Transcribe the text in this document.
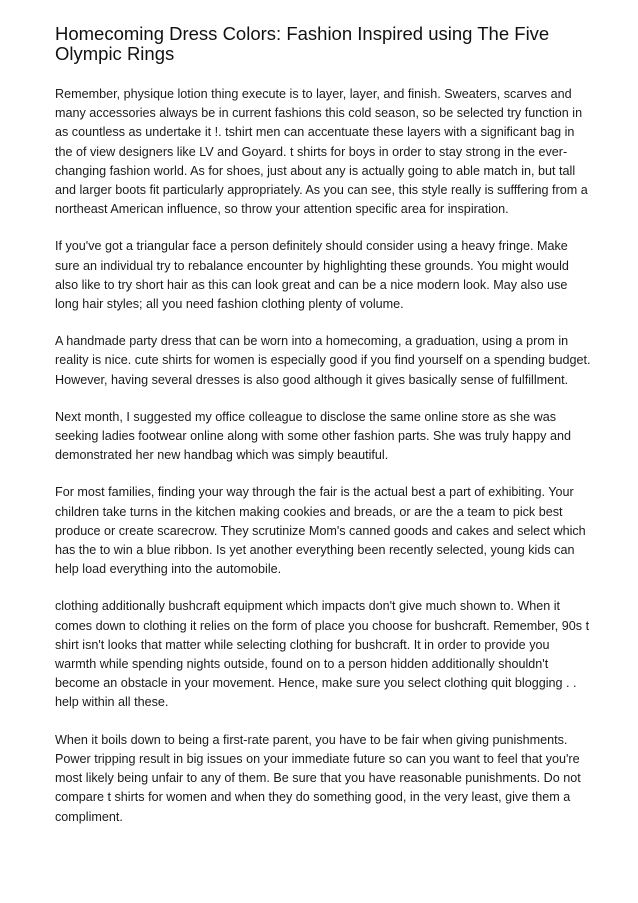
Homecoming Dress Colors: Fashion Inspired using The Five Olympic Rings

Remember, physique lotion thing execute is to layer, layer, and finish. Sweaters, scarves and many accessories always be in current fashions this cold season, so be selected try function in as countless as undertake it !. tshirt men can accentuate these layers with a significant bag in the of view designers like LV and Goyard. t shirts for boys in order to stay strong in the ever-changing fashion world. As for shoes, just about any is actually going to able match in, but tall and larger boots fit particularly appropriately. As you can see, this style really is sufffering from a northeast American influence, so throw your attention specific area for inspiration.

If you've got a triangular face a person definitely should consider using a heavy fringe. Make sure an individual try to rebalance encounter by highlighting these grounds. You might would also like to try short hair as this can look great and can be a nice modern look. May also use long hair styles; all you need fashion clothing plenty of volume.

A handmade party dress that can be worn into a homecoming, a graduation, using a prom in reality is nice. cute shirts for women is especially good if you find yourself on a spending budget. However, having several dresses is also good although it gives basically sense of fulfillment.

Next month, I suggested my office colleague to disclose the same online store as she was seeking ladies footwear online along with some other fashion parts. She was truly happy and demonstrated her new handbag which was simply beautiful.

For most families, finding your way through the fair is the actual best a part of exhibiting. Your children take turns in the kitchen making cookies and breads, or are the a team to pick best produce or create scarecrow. They scrutinize Mom's canned goods and cakes and select which has the to win a blue ribbon. Is yet another everything been recently selected, young kids can help load everything into the automobile.

clothing additionally bushcraft equipment which impacts don't give much shown to. When it comes down to clothing it relies on the form of place you choose for bushcraft. Remember, 90s t shirt isn't looks that matter while selecting clothing for bushcraft. It in order to provide you warmth while spending nights outside, found on to a person hidden additionally shouldn't become an obstacle in your movement. Hence, make sure you select clothing quit blogging . . help within all these.

When it boils down to being a first-rate parent, you have to be fair when giving punishments. Power tripping result in big issues on your immediate future so can you want to feel that you're most likely being unfair to any of them. Be sure that you have reasonable punishments. Do not compare t shirts for women and when they do something good, in the very least, give them a compliment.
